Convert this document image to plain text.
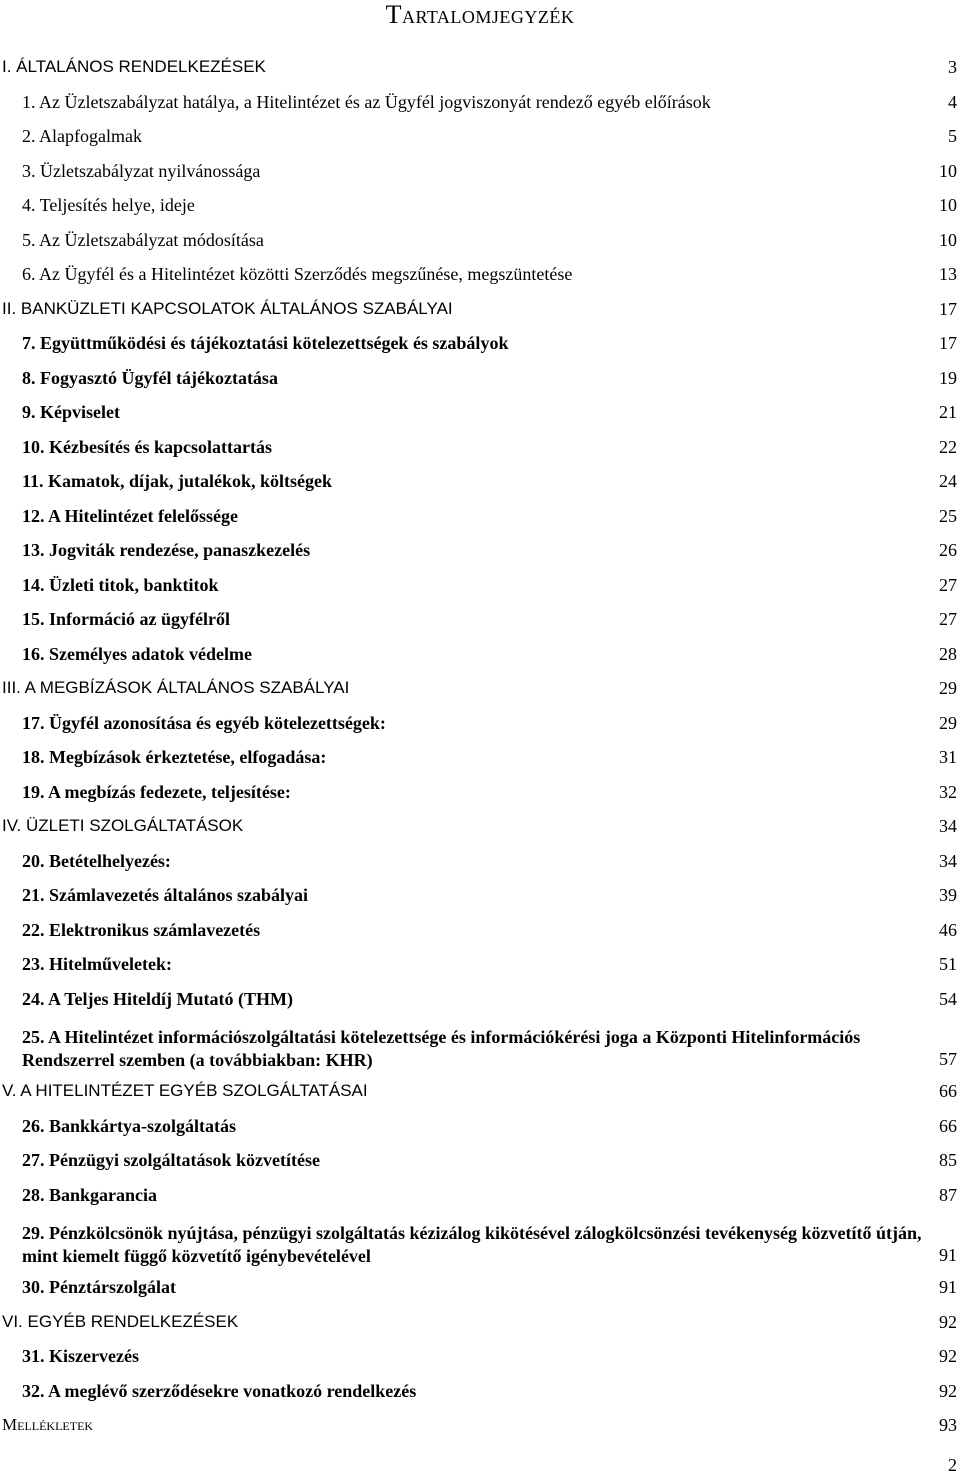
Tartalomjegyzék
I. ÁLTALÁNOS RENDELKEZÉSEK	3
1. Az Üzletszabályzat hatálya, a Hitelintézet és az Ügyfél jogviszonyát rendező egyéb előírások	4
2. Alapfogalmak	5
3. Üzletszabályzat nyilvánossága	10
4. Teljesítés helye, ideje	10
5. Az Üzletszabályzat módosítása	10
6. Az Ügyfél és a Hitelintézet közötti Szerződés megszűnése, megszüntetése	13
II. BANKÜZLETI KAPCSOLATOK ÁLTALÁNOS SZABÁLYAI	17
7. Együttműködési és tájékoztatási kötelezettségek és szabályok	17
8. Fogyasztó Ügyfél tájékoztatása	19
9. Képviselet	21
10. Kézbesítés és kapcsolattartás	22
11. Kamatok, díjak, jutalékok, költségek	24
12. A Hitelintézet felelőssége	25
13. Jogviták rendezése, panaszkezelés	26
14. Üzleti titok, banktitok	27
15. Információ az ügyfélről	27
16. Személyes adatok védelme	28
III. A MEGBÍZÁSOK ÁLTALÁNOS SZABÁLYAI	29
17. Ügyfél azonosítása és egyéb kötelezettségek:	29
18. Megbízások érkeztetése, elfogadása:	31
19. A megbízás fedezete, teljesítése:	32
IV. ÜZLETI SZOLGÁLTATÁSOK	34
20. Betételhelyezés:	34
21. Számlavezetés általános szabályai	39
22. Elektronikus számlavezetés	46
23. Hitelműveletek:	51
24. A Teljes Hiteldíj Mutató (THM)	54
25. A Hitelintézet információszolgáltatási kötelezettsége és információkérési joga a Központi Hitelinformációs Rendszerrel szemben (a továbbiakban: KHR)	57
V. A HITELINTÉZET EGYÉB SZOLGÁLTATÁSAI	66
26. Bankkártya-szolgáltatás	66
27. Pénzügyi szolgáltatások közvetítése	85
28. Bankgarancia	87
29. Pénzkölcsönök nyújtása, pénzügyi szolgáltatás kézizálog kikötésével zálogkölcsönzési tevékenység közvetítő útján, mint kiemelt függő közvetítő igénybevételével	91
30. Pénztárszolgálat	91
VI. EGYÉB RENDELKEZÉSEK	92
31. Kiszervezés	92
32. A meglévő szerződésekre vonatkozó rendelkezés	92
Mellékletek	93
2
